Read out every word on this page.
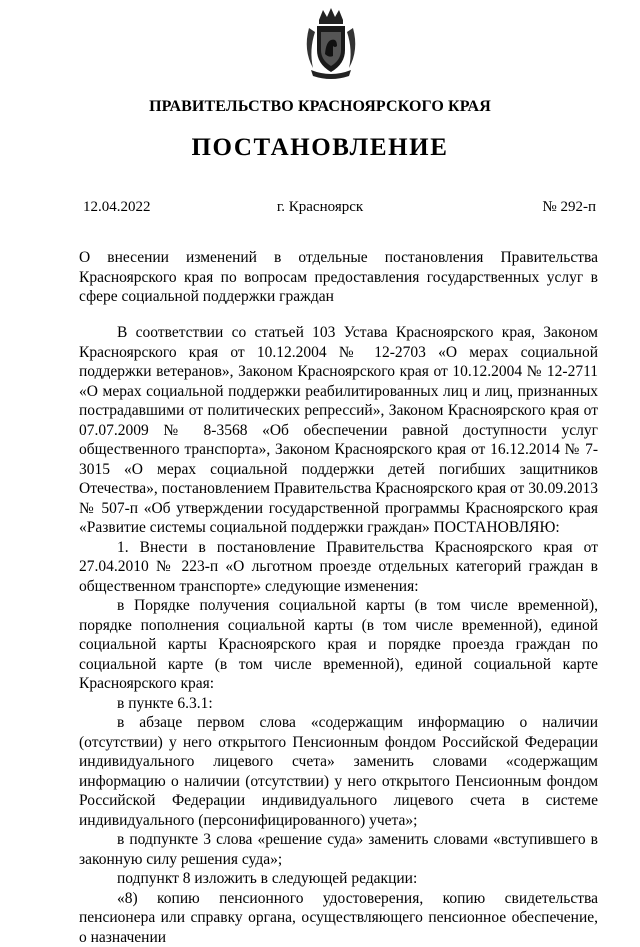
ПРАВИТЕЛЬСТВО КРАСНОЯРСКОГО КРАЯ
ПОСТАНОВЛЕНИЕ
12.04.2022	г. Красноярск	№ 292-п

О внесении изменений в отдельные постановления Правительства Красноярского края по вопросам предоставления государственных услуг в сфере социальной поддержки граждан

В соответствии со статьей 103 Устава Красноярского края, Законом Красноярского края от 10.12.2004 № 12-2703 «О мерах социальной поддержки ветеранов», Законом Красноярского края от 10.12.2004 № 12-2711 «О мерах социальной поддержки реабилитированных лиц и лиц, признанных пострадавшими от политических репрессий», Законом Красноярского края от 07.07.2009 № 8-3568 «Об обеспечении равной доступности услуг общественного транспорта», Законом Красноярского края от 16.12.2014 № 7-3015 «О мерах социальной поддержки детей погибших защитников Отечества», постановлением Правительства Красноярского края от 30.09.2013 № 507-п «Об утверждении государственной программы Красноярского края «Развитие системы социальной поддержки граждан» ПОСТАНОВЛЯЮ:

1. Внести в постановление Правительства Красноярского края от 27.04.2010 № 223-п «О льготном проезде отдельных категорий граждан в общественном транспорте» следующие изменения:

в Порядке получения социальной карты (в том числе временной), порядке пополнения социальной карты (в том числе временной), единой социальной карты Красноярского края и порядке проезда граждан по социальной карте (в том числе временной), единой социальной карте Красноярского края:

в пункте 6.3.1:

в абзаце первом слова «содержащим информацию о наличии (отсутствии) у него открытого Пенсионным фондом Российской Федерации индивидуального лицевого счета» заменить словами «содержащим информацию о наличии (отсутствии) у него открытого Пенсионным фондом Российской Федерации индивидуального лицевого счета в системе индивидуального (персонифицированного) учета»;

в подпункте 3 слова «решение суда» заменить словами «вступившего в законную силу решения суда»;

подпункт 8 изложить в следующей редакции:

«8) копию пенсионного удостоверения, копию свидетельства пенсионера или справку органа, осуществляющего пенсионное обеспечение, о назначении
